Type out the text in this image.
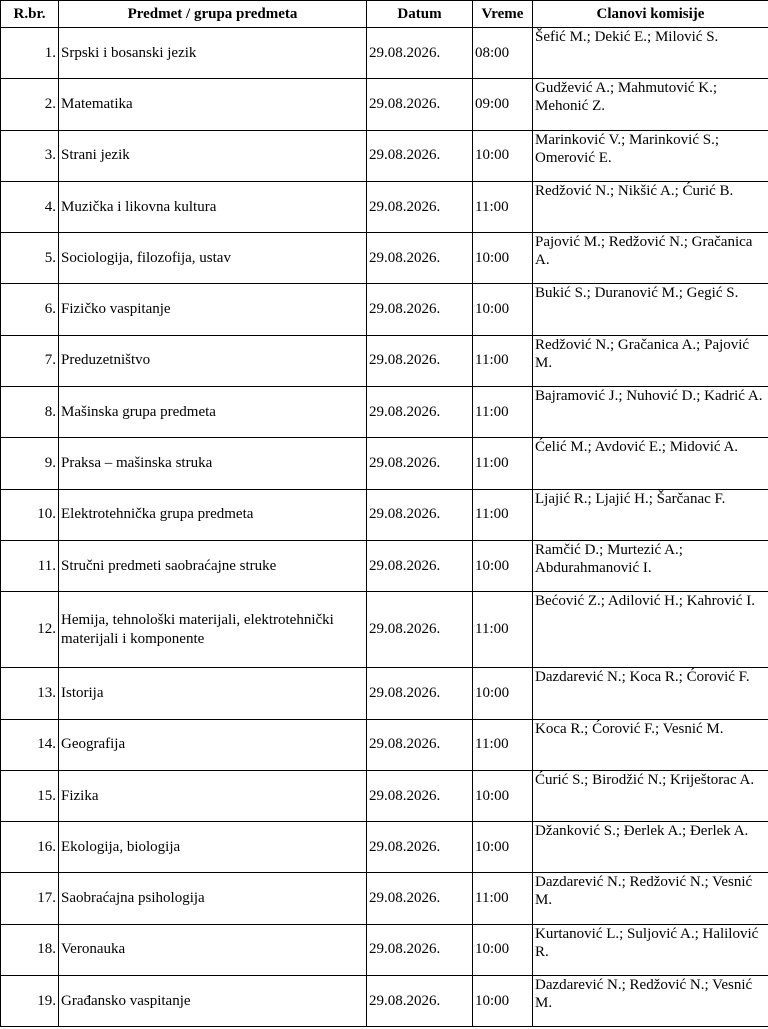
R.br.	Predmet / grupa predmeta	Datum	Vreme	Clanovi komisije
1.	Srpski i bosanski jezik	29.08.2026.	08:00	Šefić M.; Dekić E.; Milović S.
2.	Matematika	29.08.2026.	09:00	Gudžević A.; Mahmutović K.; Mehonić Z.
3.	Strani jezik	29.08.2026.	10:00	Marinković V.; Marinković S.; Omerović E.
4.	Muzička i likovna kultura	29.08.2026.	11:00	Redžović N.; Nikšić A.; Ćurić B.
5.	Sociologija, filozofija, ustav	29.08.2026.	10:00	Pajović M.; Redžović N.; Gračanica A.
6.	Fizičko vaspitanje	29.08.2026.	10:00	Bukić S.; Duranović M.; Gegić S.
7.	Preduzetništvo	29.08.2026.	11:00	Redžović N.; Gračanica A.; Pajović M.
8.	Mašinska grupa predmeta	29.08.2026.	11:00	Bajramović J.; Nuhović D.; Kadrić A.
9.	Praksa – mašinska struka	29.08.2026.	11:00	Ćelić M.; Avdović E.; Midović A.
10.	Elektrotehnička grupa predmeta	29.08.2026.	11:00	Ljajić R.; Ljajić H.; Šarčanac F.
11.	Stručni predmeti saobraćajne struke	29.08.2026.	10:00	Ramčić D.; Murtezić A.; Abdurahmanović I.
12.	Hemija, tehnološki materijali, elektrotehnički materijali i komponente	29.08.2026.	11:00	Bećović Z.; Adilović H.; Kahrović I.
13.	Istorija	29.08.2026.	10:00	Dazdarević N.; Koca R.; Ćorović F.
14.	Geografija	29.08.2026.	11:00	Koca R.; Ćorović F.; Vesnić M.
15.	Fizika	29.08.2026.	10:00	Ćurić S.; Birodžić N.; Kriještorac A.
16.	Ekologija, biologija	29.08.2026.	10:00	Džanković S.; Đerlek A.; Đerlek A.
17.	Saobraćajna psihologija	29.08.2026.	11:00	Dazdarević N.; Redžović N.; Vesnić M.
18.	Veronauka	29.08.2026.	10:00	Kurtanović L.; Suljović A.; Halilović R.
19.	Građansko vaspitanje	29.08.2026.	10:00	Dazdarević N.; Redžović N.; Vesnić M.
